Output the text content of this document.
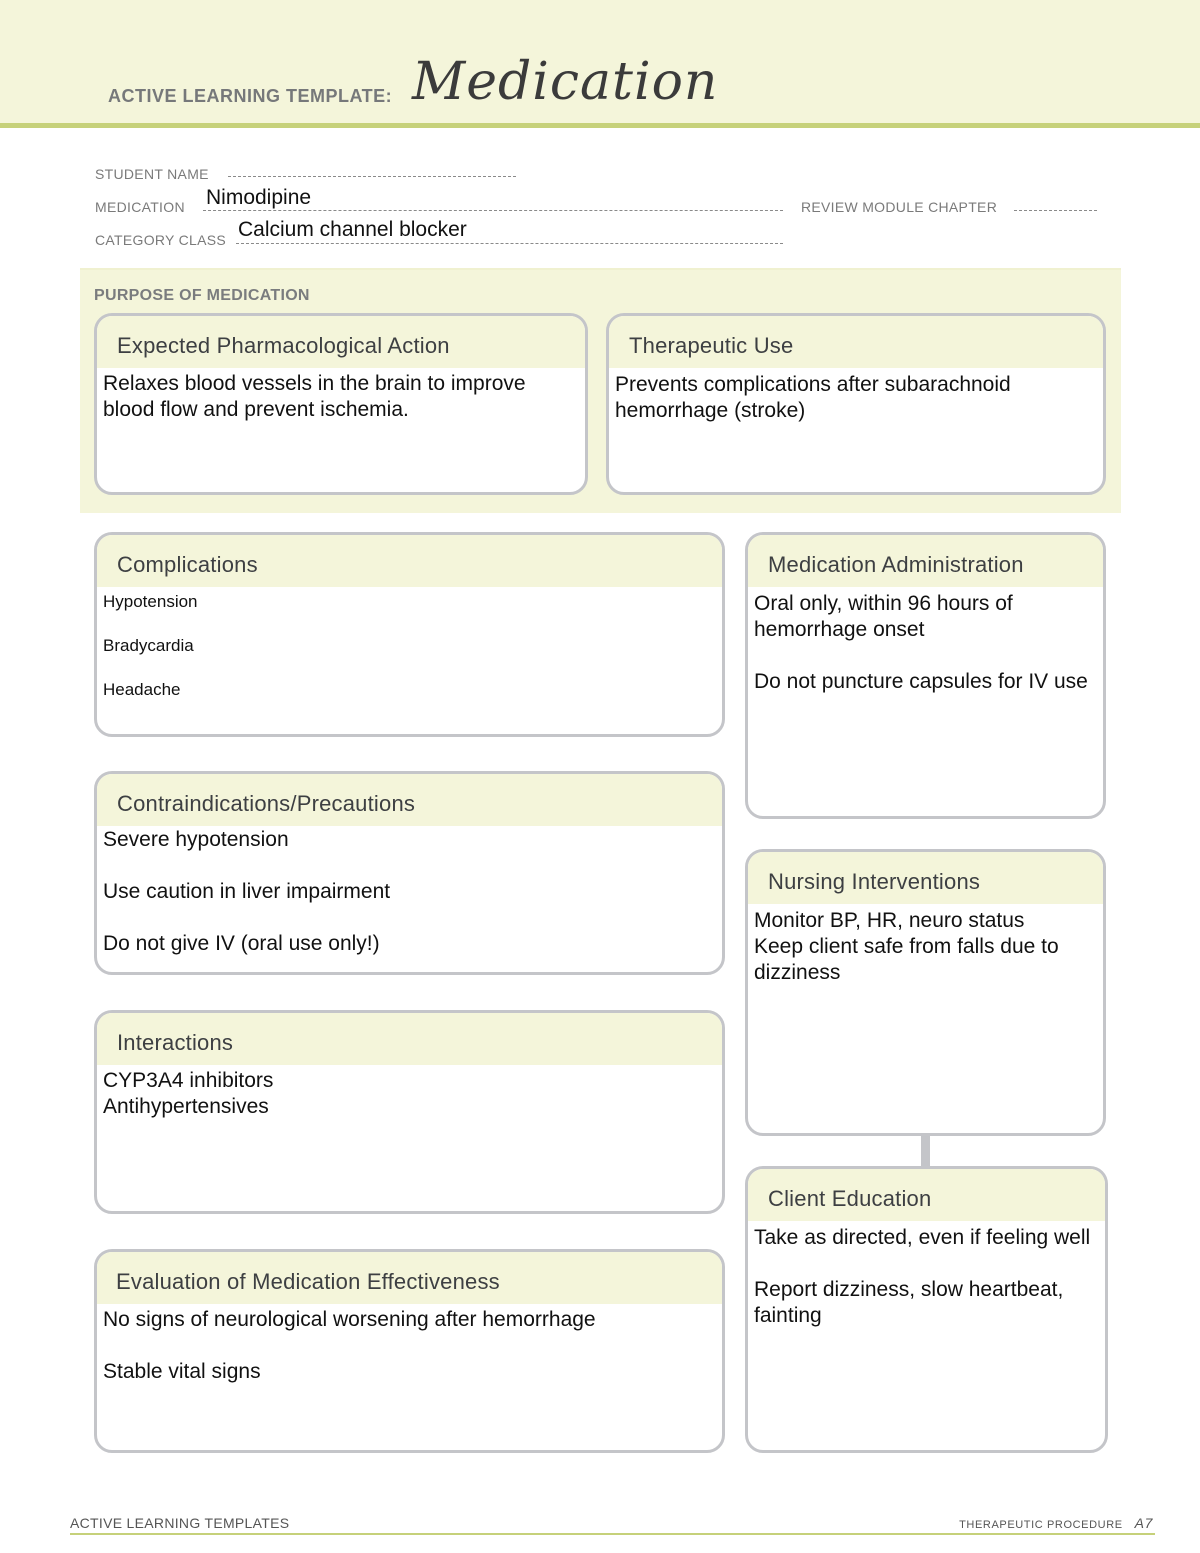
ACTIVE LEARNING TEMPLATE: Medication
STUDENT NAME
MEDICATION Nimodipine	REVIEW MODULE CHAPTER
CATEGORY CLASS Calcium channel blocker
PURPOSE OF MEDICATION
Expected Pharmacological Action
Relaxes blood vessels in the brain to improve blood flow and prevent ischemia.
Therapeutic Use
Prevents complications after subarachnoid hemorrhage (stroke)
Complications
Hypotension
Bradycardia
Headache
Medication Administration
Oral only, within 96 hours of hemorrhage onset
Do not puncture capsules for IV use
Contraindications/Precautions
Severe hypotension
Use caution in liver impairment
Do not give IV (oral use only!)
Nursing Interventions
Monitor BP, HR, neuro status
Keep client safe from falls due to dizziness
Interactions
CYP3A4 inhibitors
Antihypertensives
Client Education
Take as directed, even if feeling well
Report dizziness, slow heartbeat, fainting
Evaluation of Medication Effectiveness
No signs of neurological worsening after hemorrhage
Stable vital signs
ACTIVE LEARNING TEMPLATES	THERAPEUTIC PROCEDURE A7
